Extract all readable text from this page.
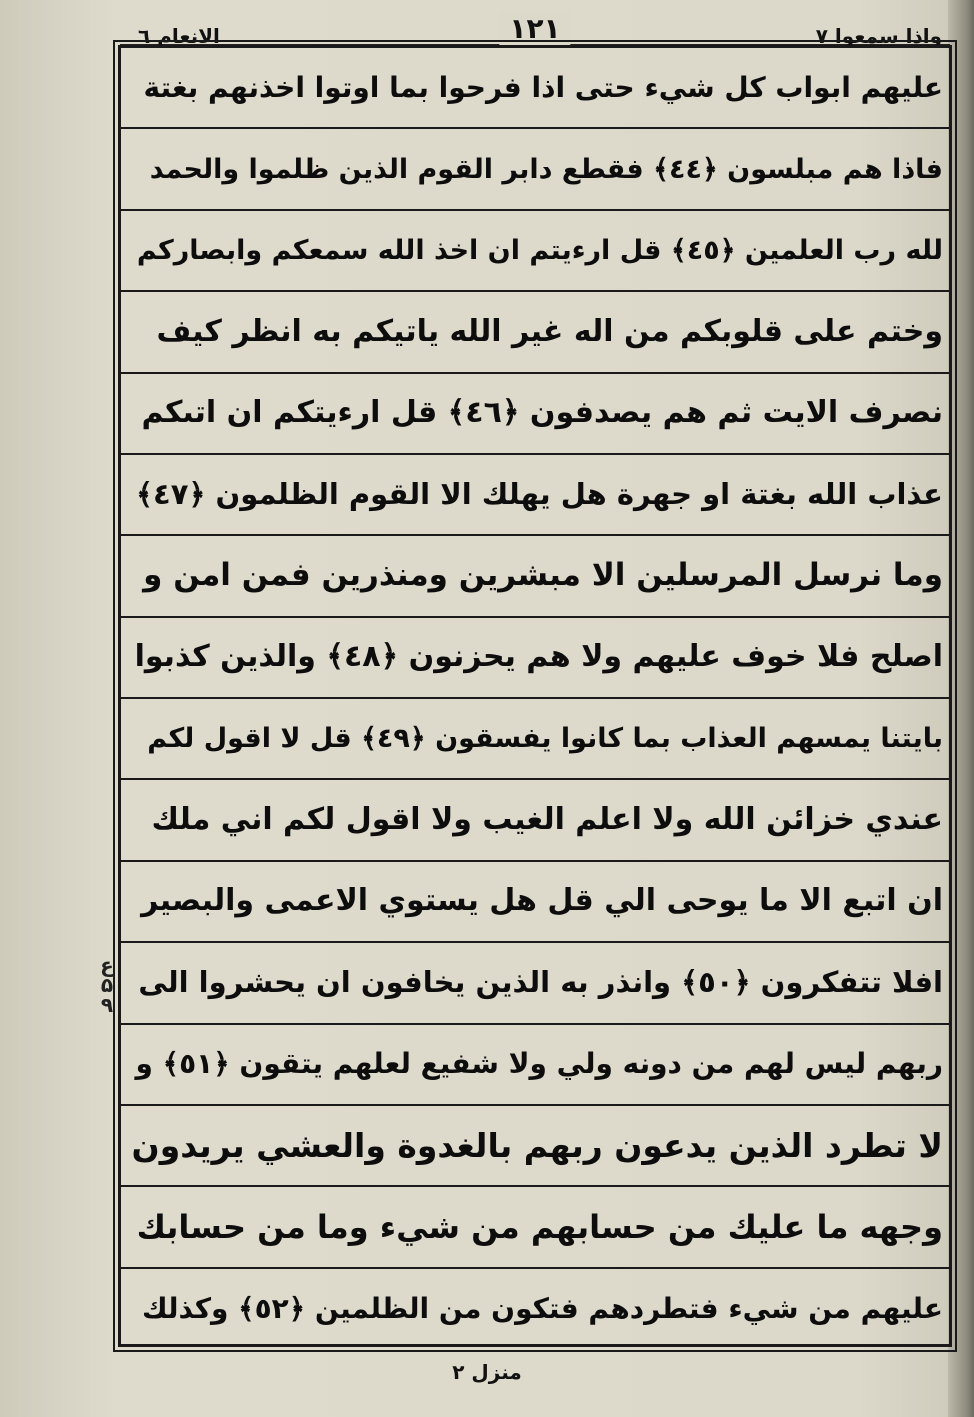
واذا سمعوا ٧
١٢١
الانعام ٦
ع
۵
۹
عليهم ابواب كل شيء حتى اذا فرحوا بما اوتوا اخذنهم بغتة
فاذا هم مبلسون ﴿٤٤﴾ فقطع دابر القوم الذين ظلموا والحمد
لله رب العلمين ﴿٤٥﴾ قل ارءيتم ان اخذ الله سمعكم وابصاركم
وختم على قلوبكم من اله غير الله ياتيكم به انظر كيف
نصرف الايت ثم هم يصدفون ﴿٤٦﴾ قل ارءيتكم ان اتىكم
عذاب الله بغتة او جهرة هل يهلك الا القوم الظلمون ﴿٤٧﴾
وما نرسل المرسلين الا مبشرين ومنذرين فمن امن و
اصلح فلا خوف عليهم ولا هم يحزنون ﴿٤٨﴾ والذين كذبوا
بايتنا يمسهم العذاب بما كانوا يفسقون ﴿٤٩﴾ قل لا اقول لكم
عندي خزائن الله ولا اعلم الغيب ولا اقول لكم اني ملك
ان اتبع الا ما يوحى الي قل هل يستوي الاعمى والبصير
افلا تتفكرون ﴿٥٠﴾ وانذر به الذين يخافون ان يحشروا الى
ربهم ليس لهم من دونه ولي ولا شفيع لعلهم يتقون ﴿٥١﴾ و
لا تطرد الذين يدعون ربهم بالغدوة والعشي يريدون
وجهه ما عليك من حسابهم من شيء وما من حسابك
عليهم من شيء فتطردهم فتكون من الظلمين ﴿٥٢﴾ وكذلك
منزل ٢
